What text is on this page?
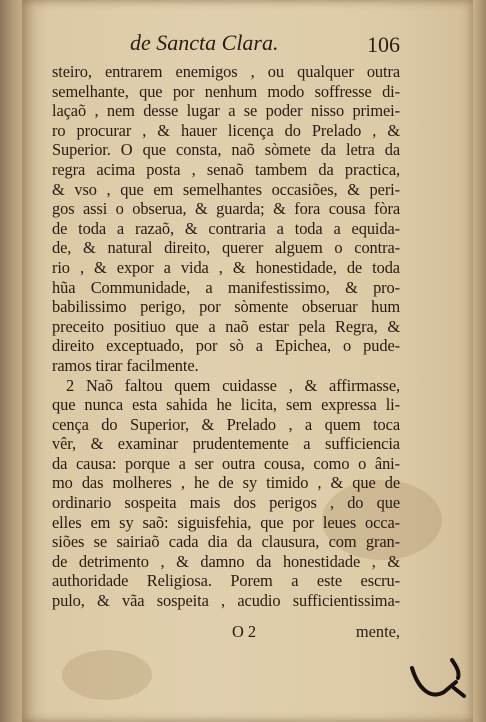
de Sancta Clara.	106
steiro, entrarem enemigos , ou qualquer outra
semelhante, que por nenhum modo soffresse di-
laçaõ , nem desse lugar a se poder nisso primei-
ro procurar , & hauer licença do Prelado , &
Superior. O que consta, naõ sòmete da letra da
regra acima posta , senaõ tambem da practica,
& vso , que em semelhantes occasiões, & peri-
gos assi o obserua, & guarda; & fora cousa fòra
de toda a razaõ, & contraria a toda a equida-
de, & natural direito, querer alguem o contra-
rio , & expor a vida , & honestidade, de toda
hũa Communidade, a manifestissimo, & pro-
babilissimo perigo, por sòmente obseruar hum
preceito positiuo que a naõ estar pela Regra, &
direito exceptuado, por sò a Epichea, o pude-
ramos tirar facilmente.
2 Naõ faltou quem cuidasse , & affirmasse,
que nunca esta sahida he licita, sem expressa li-
cença do Superior, & Prelado , a quem toca
vêr, & examinar prudentemente a sufficiencia
da causa: porque a ser outra cousa, como o âni-
mo das molheres , he de sy timido , & que de
ordinario sospeita mais dos perigos , do que
elles em sy saõ: siguisfehia, que por leues occa-
siões se sairiaõ cada dia da clausura, com gran-
de detrimento , & damno da honestidade , &
authoridade Religiosa. Porem a este escru-
pulo, & vãa sospeita , acudio sufficientissima-
O 2	mente,
